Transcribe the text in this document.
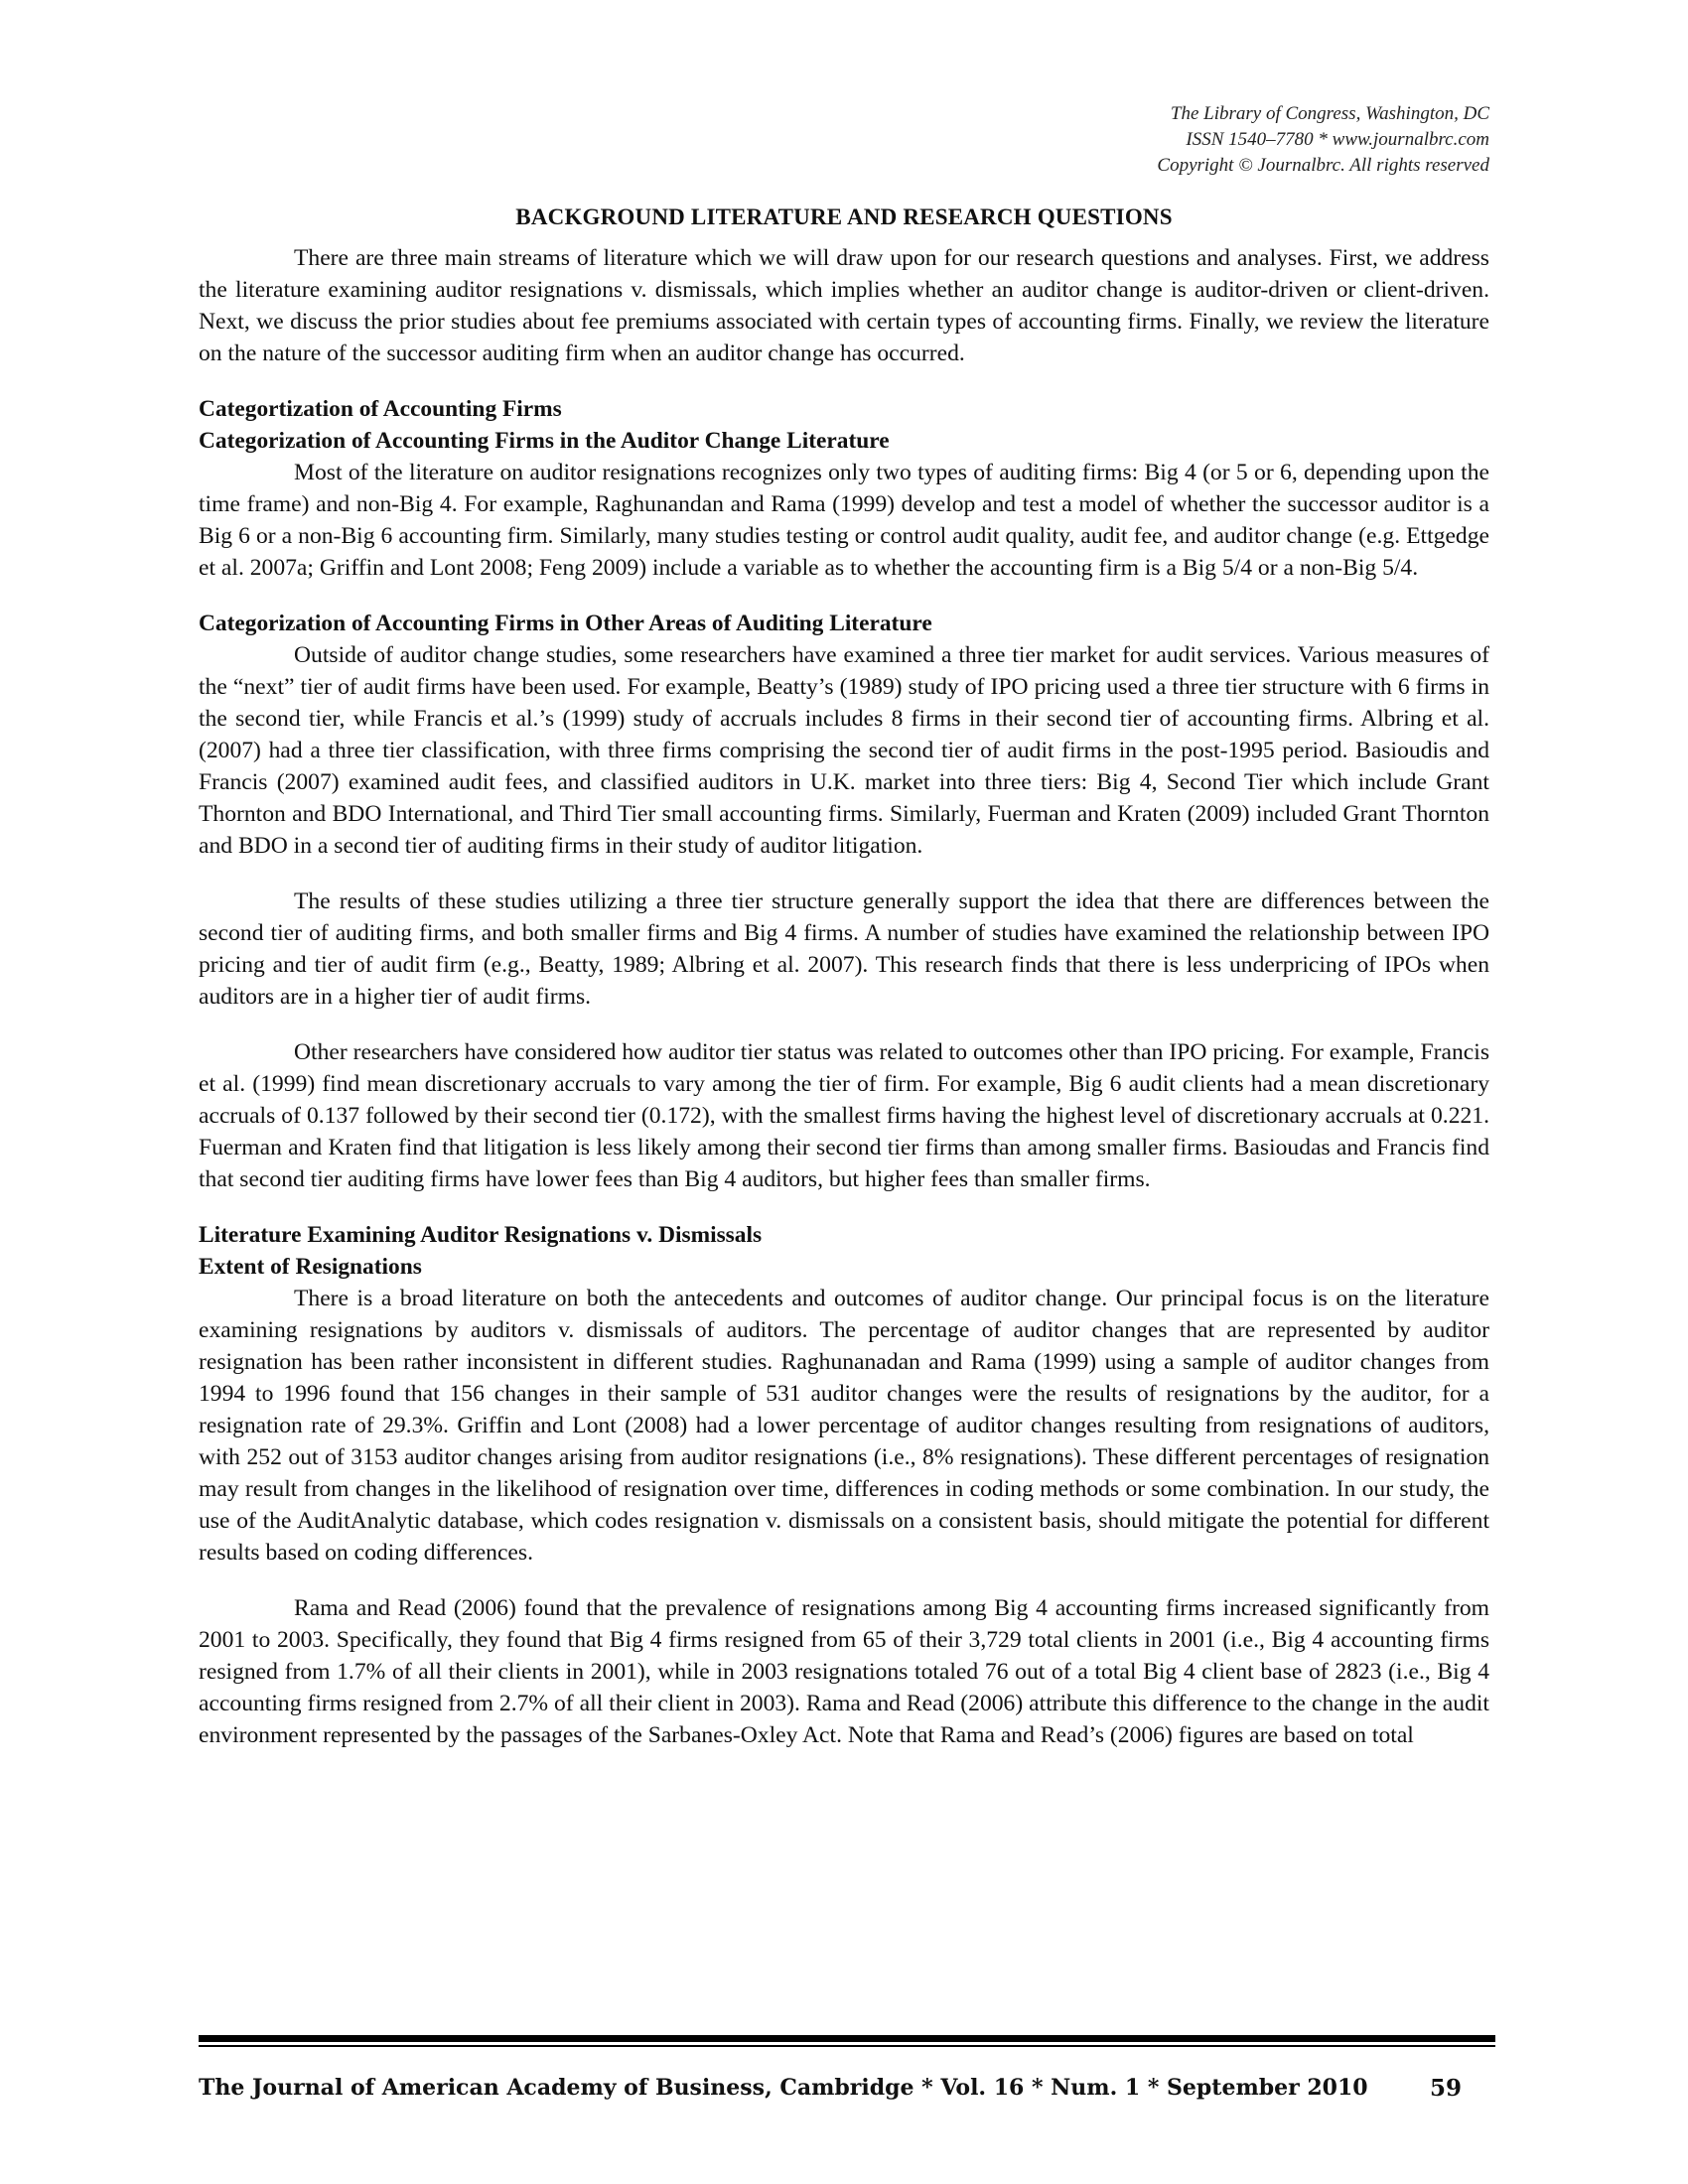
The Library of Congress, Washington, DC
ISSN 1540–7780 * www.journalbrc.com
Copyright © Journalbrc. All rights reserved
BACKGROUND LITERATURE AND RESEARCH QUESTIONS

There are three main streams of literature which we will draw upon for our research questions and analyses. First, we address the literature examining auditor resignations v. dismissals, which implies whether an auditor change is auditor-driven or client-driven. Next, we discuss the prior studies about fee premiums associated with certain types of accounting firms. Finally, we review the literature on the nature of the successor auditing firm when an auditor change has occurred.

Categortization of Accounting Firms
Categorization of Accounting Firms in the Auditor Change Literature

Most of the literature on auditor resignations recognizes only two types of auditing firms: Big 4 (or 5 or 6, depending upon the time frame) and non-Big 4. For example, Raghunandan and Rama (1999) develop and test a model of whether the successor auditor is a Big 6 or a non-Big 6 accounting firm. Similarly, many studies testing or control audit quality, audit fee, and auditor change (e.g. Ettgedge et al. 2007a; Griffin and Lont 2008; Feng 2009) include a variable as to whether the accounting firm is a Big 5/4 or a non-Big 5/4.

Categorization of Accounting Firms in Other Areas of Auditing Literature

Outside of auditor change studies, some researchers have examined a three tier market for audit services. Various measures of the “next” tier of audit firms have been used. For example, Beatty’s (1989) study of IPO pricing used a three tier structure with 6 firms in the second tier, while Francis et al.’s (1999) study of accruals includes 8 firms in their second tier of accounting firms. Albring et al. (2007) had a three tier classification, with three firms comprising the second tier of audit firms in the post-1995 period. Basioudis and Francis (2007) examined audit fees, and classified auditors in U.K. market into three tiers: Big 4, Second Tier which include Grant Thornton and BDO International, and Third Tier small accounting firms. Similarly, Fuerman and Kraten (2009) included Grant Thornton and BDO in a second tier of auditing firms in their study of auditor litigation.

The results of these studies utilizing a three tier structure generally support the idea that there are differences between the second tier of auditing firms, and both smaller firms and Big 4 firms. A number of studies have examined the relationship between IPO pricing and tier of audit firm (e.g., Beatty, 1989; Albring et al. 2007). This research finds that there is less underpricing of IPOs when auditors are in a higher tier of audit firms.

Other researchers have considered how auditor tier status was related to outcomes other than IPO pricing. For example, Francis et al. (1999) find mean discretionary accruals to vary among the tier of firm. For example, Big 6 audit clients had a mean discretionary accruals of 0.137 followed by their second tier (0.172), with the smallest firms having the highest level of discretionary accruals at 0.221. Fuerman and Kraten find that litigation is less likely among their second tier firms than among smaller firms. Basioudas and Francis find that second tier auditing firms have lower fees than Big 4 auditors, but higher fees than smaller firms.

Literature Examining Auditor Resignations v. Dismissals
Extent of Resignations

There is a broad literature on both the antecedents and outcomes of auditor change. Our principal focus is on the literature examining resignations by auditors v. dismissals of auditors. The percentage of auditor changes that are represented by auditor resignation has been rather inconsistent in different studies. Raghunanadan and Rama (1999) using a sample of auditor changes from 1994 to 1996 found that 156 changes in their sample of 531 auditor changes were the results of resignations by the auditor, for a resignation rate of 29.3%. Griffin and Lont (2008) had a lower percentage of auditor changes resulting from resignations of auditors, with 252 out of 3153 auditor changes arising from auditor resignations (i.e., 8% resignations). These different percentages of resignation may result from changes in the likelihood of resignation over time, differences in coding methods or some combination. In our study, the use of the AuditAnalytic database, which codes resignation v. dismissals on a consistent basis, should mitigate the potential for different results based on coding differences.

Rama and Read (2006) found that the prevalence of resignations among Big 4 accounting firms increased significantly from 2001 to 2003. Specifically, they found that Big 4 firms resigned from 65 of their 3,729 total clients in 2001 (i.e., Big 4 accounting firms resigned from 1.7% of all their clients in 2001), while in 2003 resignations totaled 76 out of a total Big 4 client base of 2823 (i.e., Big 4 accounting firms resigned from 2.7% of all their client in 2003). Rama and Read (2006) attribute this difference to the change in the audit environment represented by the passages of the Sarbanes-Oxley Act. Note that Rama and Read’s (2006) figures are based on total

The Journal of American Academy of Business, Cambridge * Vol. 16 * Num. 1 * September 2010	59
